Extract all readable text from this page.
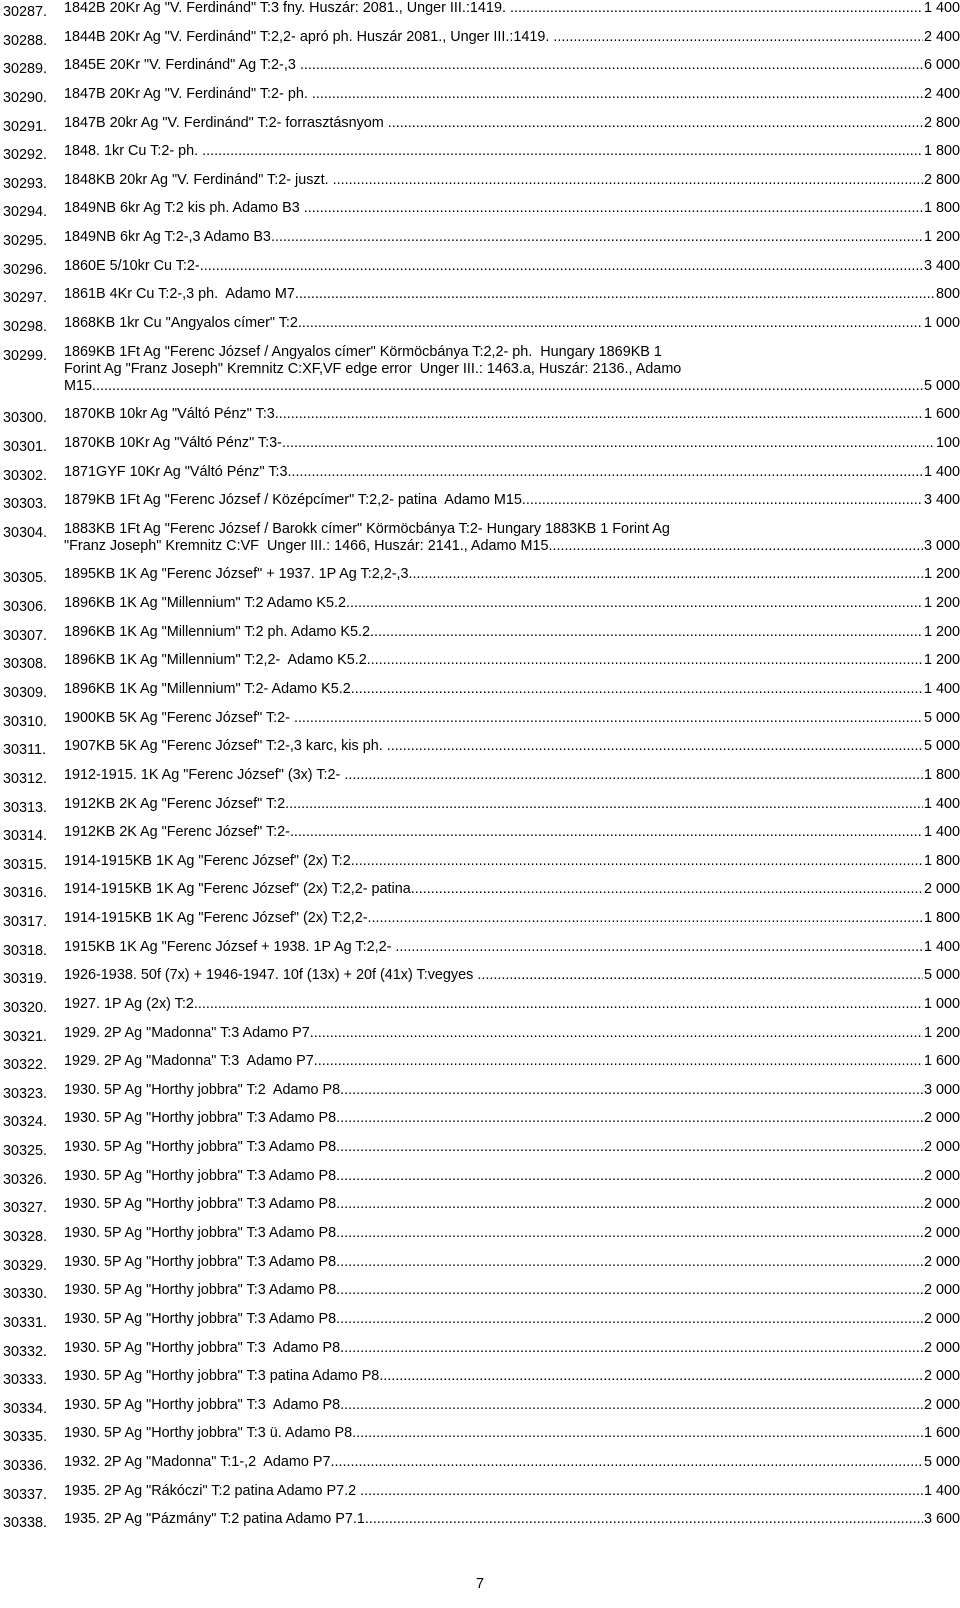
30287.	1842B 20Kr Ag "V. Ferdinánd" T:3 fny. Huszár: 2081., Unger III.:1419. .....	1 400
30288.	1844B 20Kr Ag "V. Ferdinánd" T:2,2- apró ph. Huszár 2081., Unger III.:1419. .....	2 400
30289.	1845E 20Kr "V. Ferdinánd" Ag T:2-,3 .....	6 000
30290.	1847B 20Kr Ag "V. Ferdinánd" T:2- ph. .....	2 400
30291.	1847B 20kr Ag "V. Ferdinánd" T:2- forrasztásnyom .....	2 800
30292.	1848. 1kr Cu T:2- ph. .....	1 800
30293.	1848KB 20kr Ag "V. Ferdinánd" T:2- juszt. .....	2 800
30294.	1849NB 6kr Ag T:2 kis ph. Adamo B3 .....	1 800
30295.	1849NB 6kr Ag T:2-,3 Adamo B3 .....	1 200
30296.	1860E 5/10kr Cu T:2- .....	3 400
30297.	1861B 4Kr Cu T:2-,3 ph.  Adamo M7 .....	800
30298.	1868KB 1kr Cu "Angyalos címer" T:2 .....	1 000
30299.	1869KB 1Ft Ag "Ferenc József / Angyalos címer" Körmöcbánya T:2,2- ph.  Hungary 1869KB 1
Forint Ag "Franz Joseph" Kremnitz C:XF,VF edge error  Unger III.: 1463.a, Huszár: 2136., Adamo
M15 .....	5 000
30300.	1870KB 10kr Ag "Váltó Pénz" T:3 .....	1 600
30301.	1870KB 10Kr Ag "Váltó Pénz" T:3- .....	100
30302.	1871GYF 10Kr Ag "Váltó Pénz" T:3 .....	1 400
30303.	1879KB 1Ft Ag "Ferenc József / Középcímer" T:2,2- patina  Adamo M15 .....	3 400
30304.	1883KB 1Ft Ag "Ferenc József / Barokk címer" Körmöcbánya T:2- Hungary 1883KB 1 Forint Ag
"Franz Joseph" Kremnitz C:VF  Unger III.: 1466, Huszár: 2141., Adamo M15 .....	3 000
30305.	1895KB 1K Ag "Ferenc József" + 1937. 1P Ag T:2,2-,3 .....	1 200
30306.	1896KB 1K Ag "Millennium" T:2 Adamo K5.2 .....	1 200
30307.	1896KB 1K Ag "Millennium" T:2 ph. Adamo K5.2 .....	1 200
30308.	1896KB 1K Ag "Millennium" T:2,2-  Adamo K5.2 .....	1 200
30309.	1896KB 1K Ag "Millennium" T:2- Adamo K5.2 .....	1 400
30310.	1900KB 5K Ag "Ferenc József" T:2- .....	5 000
30311.	1907KB 5K Ag "Ferenc József" T:2-,3 karc, kis ph. .....	5 000
30312.	1912-1915. 1K Ag "Ferenc József" (3x) T:2- .....	1 800
30313.	1912KB 2K Ag "Ferenc József" T:2 .....	1 400
30314.	1912KB 2K Ag "Ferenc József" T:2- .....	1 400
30315.	1914-1915KB 1K Ag "Ferenc József" (2x) T:2 .....	1 800
30316.	1914-1915KB 1K Ag "Ferenc József" (2x) T:2,2- patina .....	2 000
30317.	1914-1915KB 1K Ag "Ferenc József" (2x) T:2,2- .....	1 800
30318.	1915KB 1K Ag "Ferenc József + 1938. 1P Ag T:2,2- .....	1 400
30319.	1926-1938. 50f (7x) + 1946-1947. 10f (13x) + 20f (41x) T:vegyes .....	5 000
30320.	1927. 1P Ag (2x) T:2 .....	1 000
30321.	1929. 2P Ag "Madonna" T:3 Adamo P7 .....	1 200
30322.	1929. 2P Ag "Madonna" T:3  Adamo P7 .....	1 600
30323.	1930. 5P Ag "Horthy jobbra" T:2  Adamo P8 .....	3 000
30324.	1930. 5P Ag "Horthy jobbra" T:3 Adamo P8 .....	2 000
30325.	1930. 5P Ag "Horthy jobbra" T:3 Adamo P8 .....	2 000
30326.	1930. 5P Ag "Horthy jobbra" T:3 Adamo P8 .....	2 000
30327.	1930. 5P Ag "Horthy jobbra" T:3 Adamo P8 .....	2 000
30328.	1930. 5P Ag "Horthy jobbra" T:3 Adamo P8 .....	2 000
30329.	1930. 5P Ag "Horthy jobbra" T:3 Adamo P8 .....	2 000
30330.	1930. 5P Ag "Horthy jobbra" T:3 Adamo P8 .....	2 000
30331.	1930. 5P Ag "Horthy jobbra" T:3 Adamo P8 .....	2 000
30332.	1930. 5P Ag "Horthy jobbra" T:3  Adamo P8 .....	2 000
30333.	1930. 5P Ag "Horthy jobbra" T:3 patina Adamo P8 .....	2 000
30334.	1930. 5P Ag "Horthy jobbra" T:3  Adamo P8 .....	2 000
30335.	1930. 5P Ag "Horthy jobbra" T:3 ü. Adamo P8 .....	1 600
30336.	1932. 2P Ag "Madonna" T:1-,2  Adamo P7 .....	5 000
30337.	1935. 2P Ag "Rákóczi" T:2 patina Adamo P7.2 .....	1 400
30338.	1935. 2P Ag "Pázmány" T:2 patina Adamo P7.1 .....	3 600
7
